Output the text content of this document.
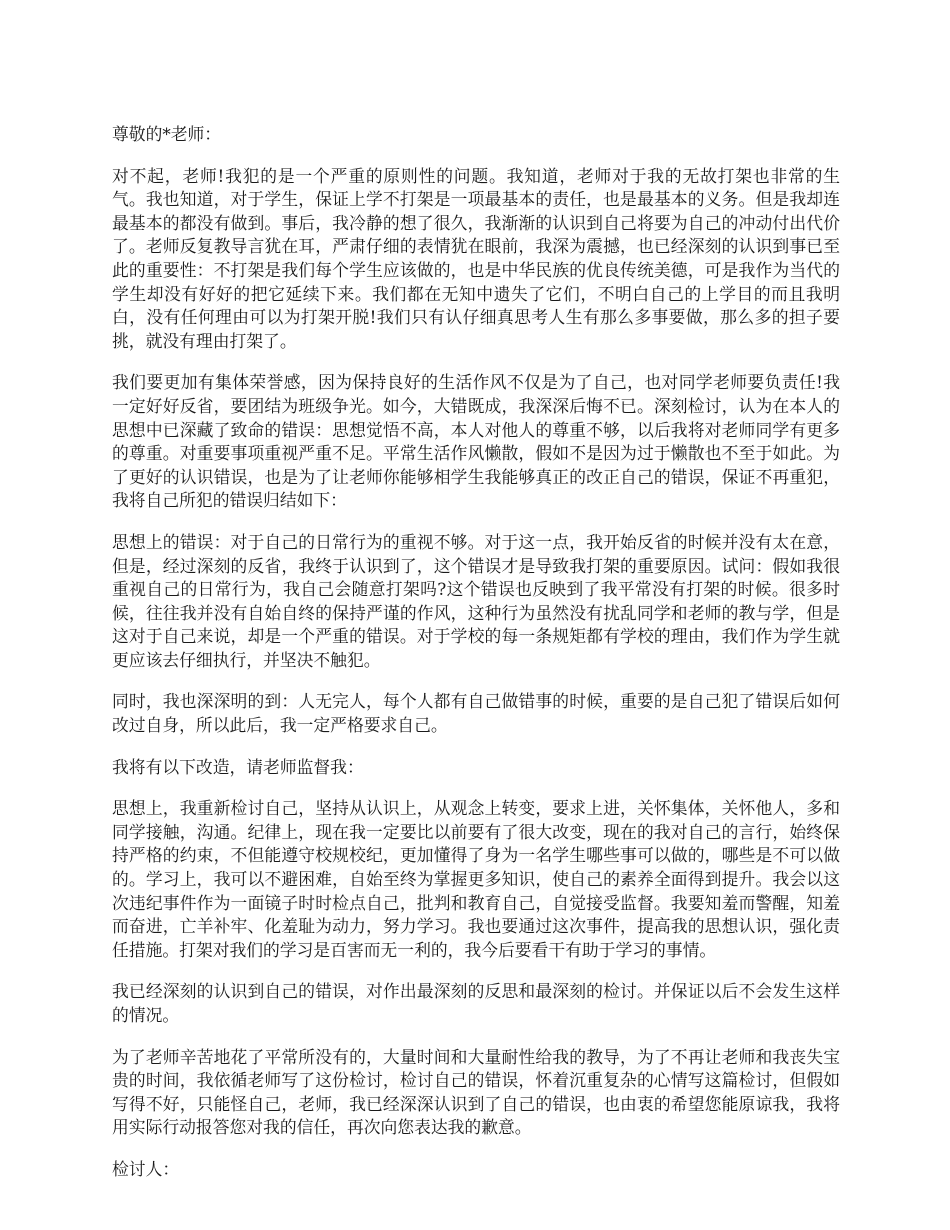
尊敬的*老师：

对不起，老师!我犯的是一个严重的原则性的问题。我知道，老师对于我的无故打架也非常的生气。我也知道，对于学生，保证上学不打架是一项最基本的责任，也是最基本的义务。但是我却连最基本的都没有做到。事后，我冷静的想了很久，我渐渐的认识到自己将要为自己的冲动付出代价了。老师反复教导言犹在耳，严肃仔细的表情犹在眼前，我深为震撼，也已经深刻的认识到事已至此的重要性：不打架是我们每个学生应该做的，也是中华民族的优良传统美德，可是我作为当代的学生却没有好好的把它延续下来。我们都在无知中遗失了它们，不明白自己的上学目的而且我明白，没有任何理由可以为打架开脱!我们只有认仔细真思考人生有那么多事要做，那么多的担子要挑，就没有理由打架了。

我们要更加有集体荣誉感，因为保持良好的生活作风不仅是为了自己，也对同学老师要负责任!我一定好好反省，要团结为班级争光。如今，大错既成，我深深后悔不已。深刻检讨，认为在本人的思想中已深藏了致命的错误：思想觉悟不高，本人对他人的尊重不够，以后我将对老师同学有更多的尊重。对重要事项重视严重不足。平常生活作风懒散，假如不是因为过于懒散也不至于如此。为了更好的认识错误，也是为了让老师你能够相学生我能够真正的改正自己的错误，保证不再重犯，我将自己所犯的错误归结如下：

思想上的错误：对于自己的日常行为的重视不够。对于这一点，我开始反省的时候并没有太在意，但是，经过深刻的反省，我终于认识到了，这个错误才是导致我打架的重要原因。试问：假如我很重视自己的日常行为，我自己会随意打架吗?这个错误也反映到了我平常没有打架的时候。很多时候，往往我并没有自始自终的保持严谨的作风，这种行为虽然没有扰乱同学和老师的教与学，但是这对于自己来说，却是一个严重的错误。对于学校的每一条规矩都有学校的理由，我们作为学生就更应该去仔细执行，并坚决不触犯。

同时，我也深深明的到：人无完人，每个人都有自己做错事的时候，重要的是自己犯了错误后如何改过自身，所以此后，我一定严格要求自己。

我将有以下改造，请老师监督我：

思想上，我重新检讨自己，坚持从认识上，从观念上转变，要求上进，关怀集体，关怀他人，多和同学接触，沟通。纪律上，现在我一定要比以前要有了很大改变，现在的我对自己的言行，始终保持严格的约束，不但能遵守校规校纪，更加懂得了身为一名学生哪些事可以做的，哪些是不可以做的。学习上，我可以不避困难，自始至终为掌握更多知识，使自己的素养全面得到提升。我会以这次违纪事件作为一面镜子时时检点自己，批判和教育自己，自觉接受监督。我要知羞而警醒，知羞而奋进，亡羊补牢、化羞耻为动力，努力学习。我也要通过这次事件，提高我的思想认识，强化责任措施。打架对我们的学习是百害而无一利的，我今后要看干有助于学习的事情。

我已经深刻的认识到自己的错误，对作出最深刻的反思和最深刻的检讨。并保证以后不会发生这样的情况。

为了老师辛苦地花了平常所没有的，大量时间和大量耐性给我的教导，为了不再让老师和我丧失宝贵的时间，我依循老师写了这份检讨，检讨自己的错误，怀着沉重复杂的心情写这篇检讨，但假如写得不好，只能怪自己，老师，我已经深深认识到了自己的错误，也由衷的希望您能原谅我，我将用实际行动报答您对我的信任，再次向您表达我的歉意。

检讨人：
